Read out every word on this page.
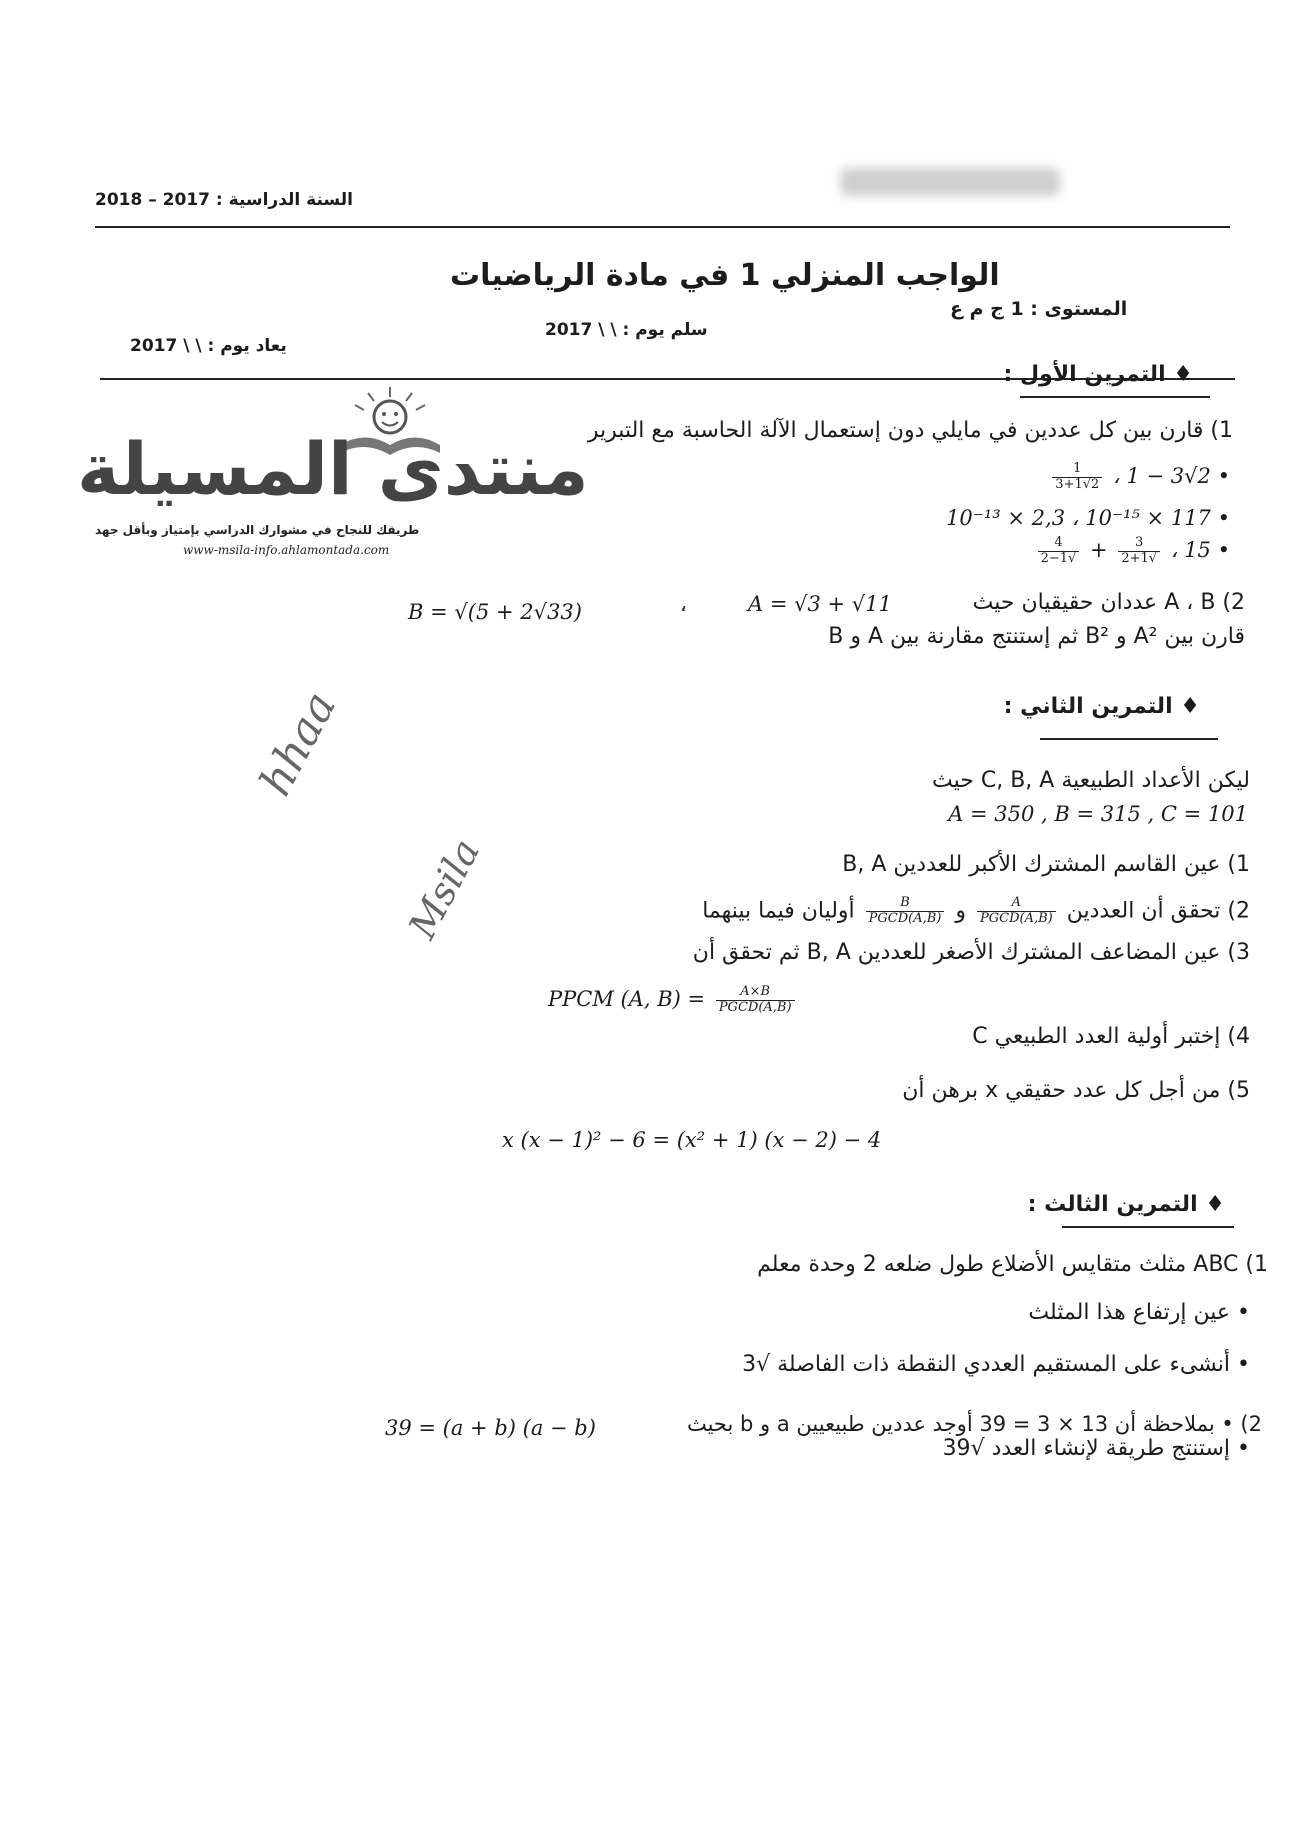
السنة الدراسية : 2017 – 2018
الواجب المنزلي 1 في مادة الرياضيات
المستوى : 1 ج م ع
سلم يوم : \ \ 2017
يعاد يوم : \ \ 2017
منتدى المسيلة
طريقك للنجاح في مشوارك الدراسي بإمتياز وبأقل جهد
www-msila-info.ahlamontada.com
hhaa
Msila
♦ التمرين الأول :
1) قارن بين كل عددين في مايلي دون إستعمال الآلة الحاسبة مع التبرير
• 2√3 − 1 ،
$\frac{1}{2√3+1}$
• 117 × 10⁻¹⁵ ، 2,3 × 10⁻¹³
• 15 ،
$\frac{3}{√2+1}$
+
$\frac{4}{√2-1}$
2) A ، B عددان حقيقيان حيث
A = √3 + √11
،
B = √(5 + 2√33)
قارن بين A² و B² ثم إستنتج مقارنة بين A و B
♦ التمرين الثاني :
ليكن الأعداد الطبيعية C, B, A حيث
A = 350 , B = 315 , C = 101
1) عين القاسم المشترك الأكبر للعددين B, A
2) تحقق أن العددين
$\frac{A}{\text{PGCD(A,B)}}$
و
$\frac{B}{\text{PGCD(A,B)}}$
أوليان فيما بينهما
3) عين المضاعف المشترك الأصغر للعددين B, A ثم تحقق أن
PPCM (A, $B) = \frac{A\times B}{\text{PGCD(A,B)}}$
4) إختبر أولية العدد الطبيعي C
5) من أجل كل عدد حقيقي x برهن أن
x (x − 1)² − 6 = (x² + 1) (x − 2) − 4
♦ التمرين الثالث :
1) ABC مثلث متقايس الأضلاع طول ضلعه 2 وحدة معلم
• عين إرتفاع هذا المثلث
• أنشىء على المستقيم العددي النقطة ذات الفاصلة √3
2) • بملاحظة أن 13 × 3 = 39 أوجد عددين طبيعيين a و b بحيث
39 = (a + b) (a − b)
• إستنتج طريقة لإنشاء العدد √39
